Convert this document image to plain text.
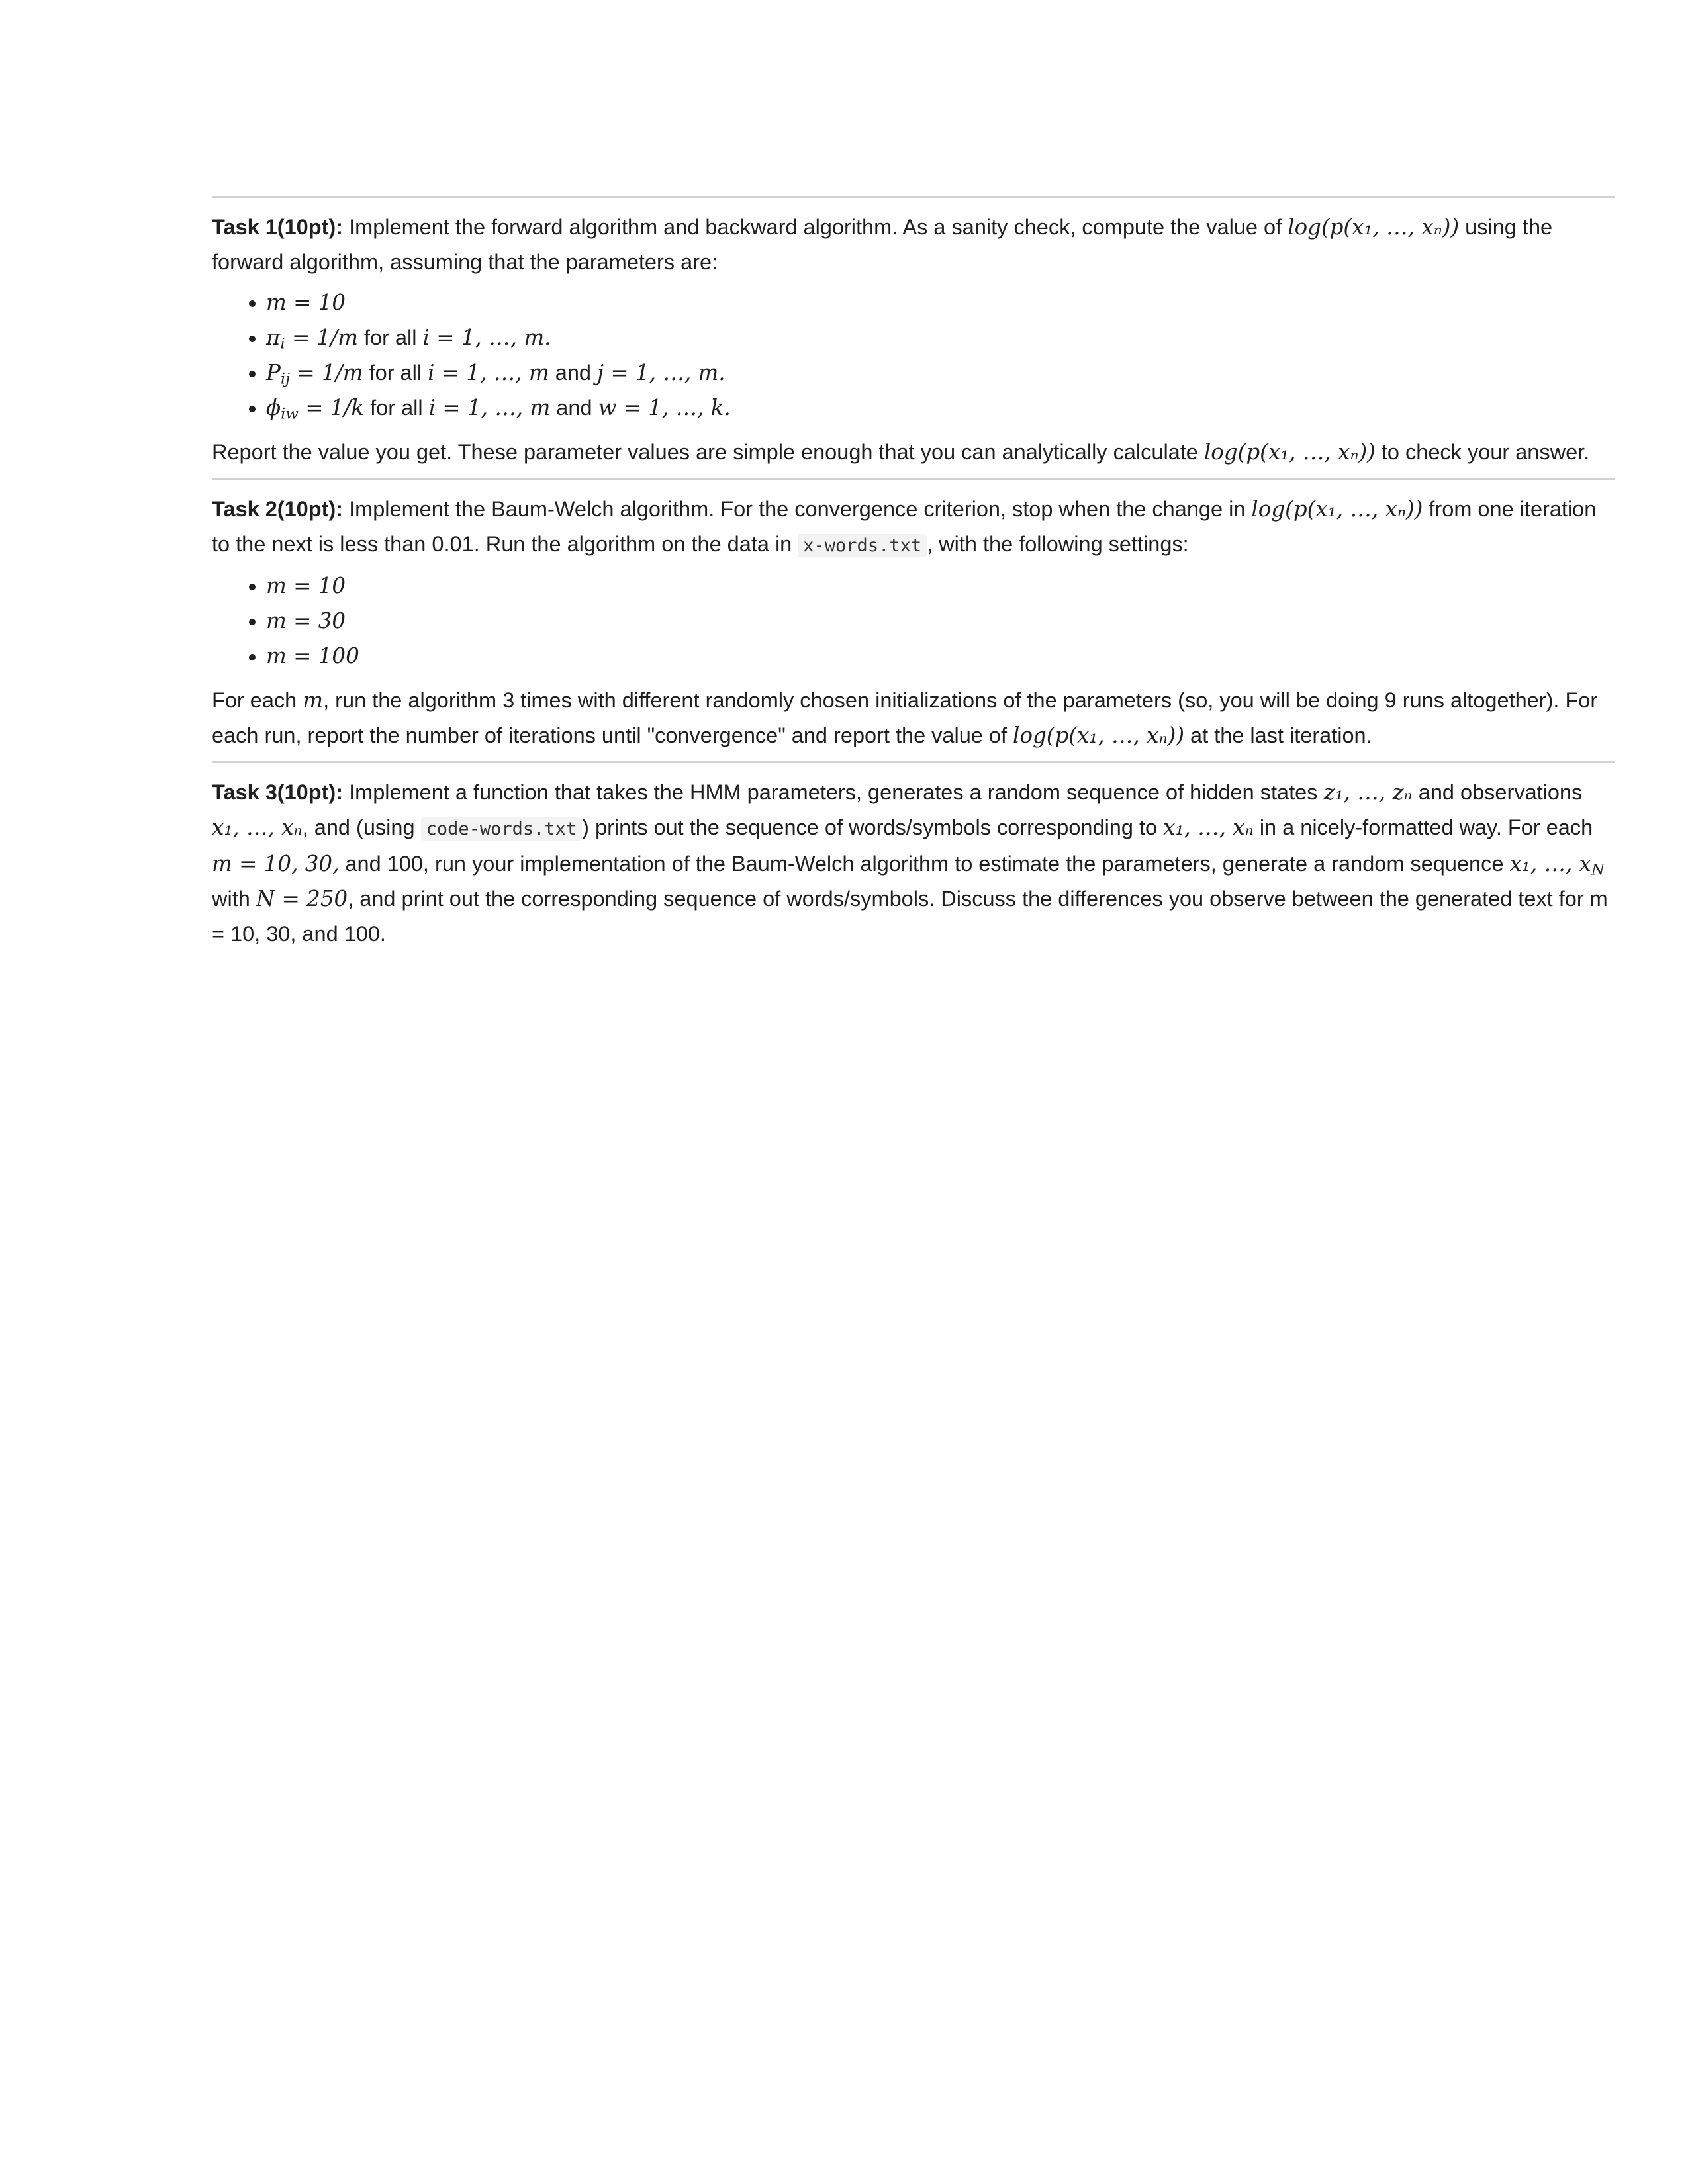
Task 1(10pt): Implement the forward algorithm and backward algorithm. As a sanity check, compute the value of log(p(x₁, …, xₙ)) using the forward algorithm, assuming that the parameters are:

• m = 10
• $\pi_i = 1/m$ for all i = 1, …, m.
• $P_{ij} = 1/m$ for all i = 1, …, m and j = 1, …, m.
• $\phi_{iw} = 1/k$ for all i = 1, …, m and w = 1, …, k.

Report the value you get. These parameter values are simple enough that you can analytically calculate log(p(x₁, …, xₙ)) to check your answer.

Task 2(10pt): Implement the Baum-Welch algorithm. For the convergence criterion, stop when the change in log(p(x₁, …, xₙ)) from one iteration to the next is less than 0.01. Run the algorithm on the data in x-words.txt , with the following settings:

• m = 10
• m = 30
• m = 100

For each m, run the algorithm 3 times with different randomly chosen initializations of the parameters (so, you will be doing 9 runs altogether). For each run, report the number of iterations until "convergence" and report the value of log(p(x₁, …, xₙ)) at the last iteration.

Task 3(10pt): Implement a function that takes the HMM parameters, generates a random sequence of hidden states z₁, …, zₙ and observations x₁, …, xₙ, and (using code-words.txt ) prints out the sequence of words/symbols corresponding to x₁, …, xₙ in a nicely-formatted way. For each m = 10, 30, and 100, run your implementation of the Baum-Welch algorithm to estimate the parameters, generate a random sequence x₁, …, $x_N$ with N = 250, and print out the corresponding sequence of words/symbols. Discuss the differences you observe between the generated text for m = 10, 30, and 100.
